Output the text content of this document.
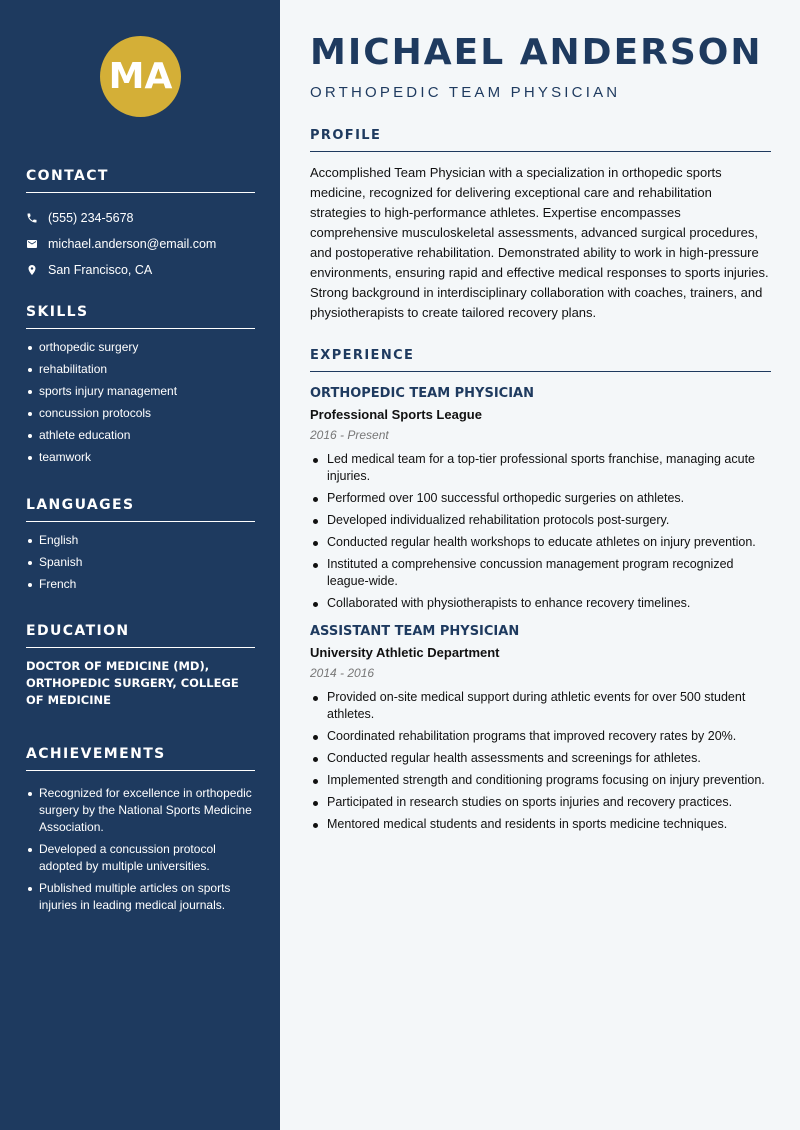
MA
CONTACT
(555) 234-5678
michael.anderson@email.com
San Francisco, CA
SKILLS
orthopedic surgery
rehabilitation
sports injury management
concussion protocols
athlete education
teamwork
LANGUAGES
English
Spanish
French
EDUCATION
DOCTOR OF MEDICINE (MD), ORTHOPEDIC SURGERY, COLLEGE OF MEDICINE
ACHIEVEMENTS
Recognized for excellence in orthopedic surgery by the National Sports Medicine Association.
Developed a concussion protocol adopted by multiple universities.
Published multiple articles on sports injuries in leading medical journals.
MICHAEL ANDERSON
ORTHOPEDIC TEAM PHYSICIAN
PROFILE

Accomplished Team Physician with a specialization in orthopedic sports medicine, recognized for delivering exceptional care and rehabilitation strategies to high-performance athletes. Expertise encompasses comprehensive musculoskeletal assessments, advanced surgical procedures, and postoperative rehabilitation. Demonstrated ability to work in high-pressure environments, ensuring rapid and effective medical responses to sports injuries. Strong background in interdisciplinary collaboration with coaches, trainers, and physiotherapists to create tailored recovery plans.

EXPERIENCE
ORTHOPEDIC TEAM PHYSICIAN
Professional Sports League
2016 - Present
Led medical team for a top-tier professional sports franchise, managing acute injuries.
Performed over 100 successful orthopedic surgeries on athletes.
Developed individualized rehabilitation protocols post-surgery.
Conducted regular health workshops to educate athletes on injury prevention.
Instituted a comprehensive concussion management program recognized league-wide.
Collaborated with physiotherapists to enhance recovery timelines.
ASSISTANT TEAM PHYSICIAN
University Athletic Department
2014 - 2016
Provided on-site medical support during athletic events for over 500 student athletes.
Coordinated rehabilitation programs that improved recovery rates by 20%.
Conducted regular health assessments and screenings for athletes.
Implemented strength and conditioning programs focusing on injury prevention.
Participated in research studies on sports injuries and recovery practices.
Mentored medical students and residents in sports medicine techniques.
